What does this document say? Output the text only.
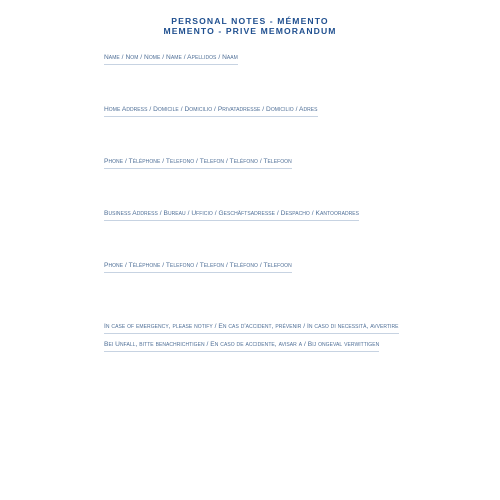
PERSONAL NOTES - MÉMENTO
MEMENTO - PRIVE MEMORANDUM
Name / Nom / Nome / Name / Apellidos / Naam
Home Address / Domicile / Domicilio / Privatadresse / Domicilio / Adres
Phone / Téléphone / Telefono / Telefon / Teléfono / Telefoon
Business Address / Bureau / Ufficio / Geschäftsadresse / Despacho / Kantooradres
Phone / Téléphone / Telefono / Telefon / Teléfono / Telefoon
In case of emergency, please notify / En cas d'accident, prévenir / In caso di necessità, avvertire
Bei Unfall, bitte benachrichtigen / En caso de accidente, avisar a / Bij ongeval verwittigen
